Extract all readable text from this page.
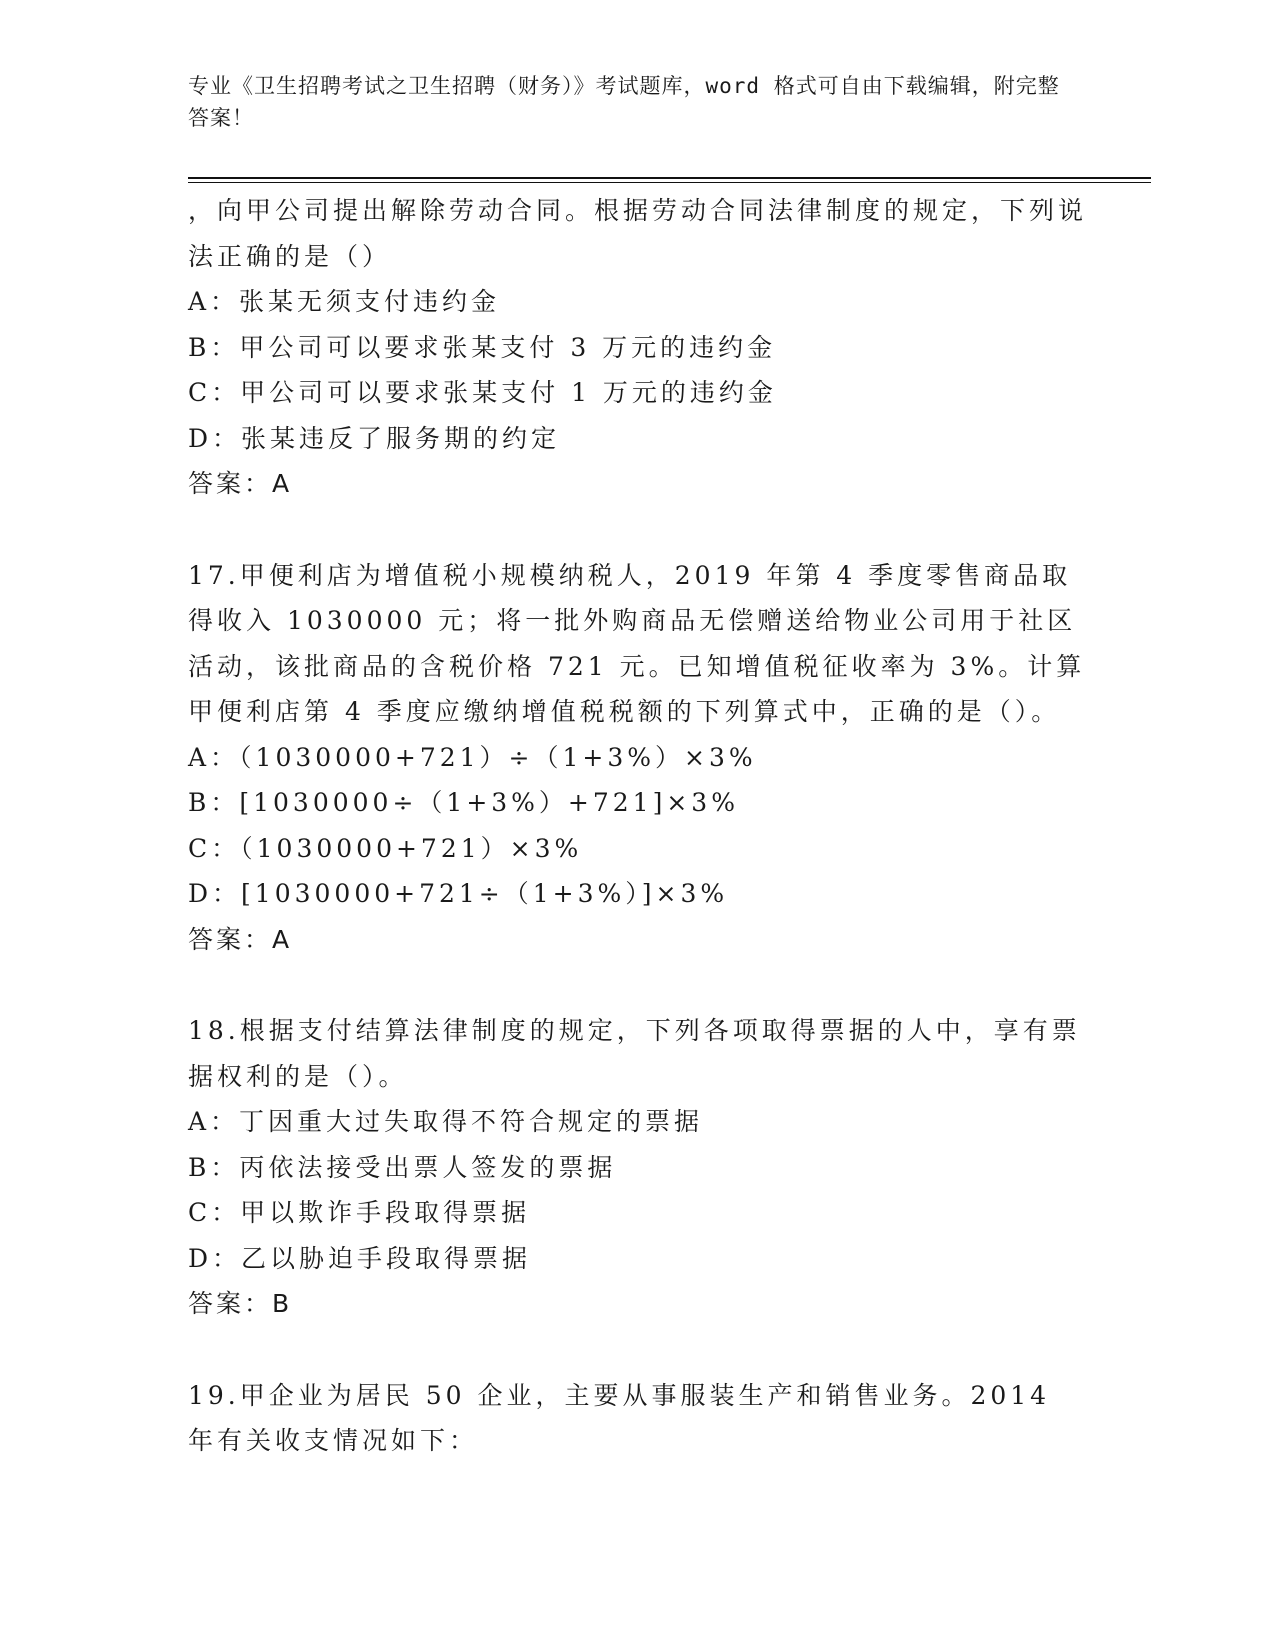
专业《卫生招聘考试之卫生招聘（财务）》考试题库，word 格式可自由下载编辑，附完整答案！
，向甲公司提出解除劳动合同。根据劳动合同法律制度的规定，下列说法正确的是（）
A：张某无须支付违约金
B：甲公司可以要求张某支付 3 万元的违约金
C：甲公司可以要求张某支付 1 万元的违约金
D：张某违反了服务期的约定
答案：A
17.甲便利店为增值税小规模纳税人，2019 年第 4 季度零售商品取得收入 1030000 元；将一批外购商品无偿赠送给物业公司用于社区活动，该批商品的含税价格 721 元。已知增值税征收率为 3%。计算甲便利店第 4 季度应缴纳增值税税额的下列算式中，正确的是（）。
A：（1030000+721）÷（1+3%）×3%
B：[1030000÷（1+3%）+721]×3%
C：（1030000+721）×3%
D：[1030000+721÷（1+3%）]×3%
答案：A
18.根据支付结算法律制度的规定，下列各项取得票据的人中，享有票据权利的是（）。
A：丁因重大过失取得不符合规定的票据
B：丙依法接受出票人签发的票据
C：甲以欺诈手段取得票据
D：乙以胁迫手段取得票据
答案：B
19.甲企业为居民 50 企业，主要从事服装生产和销售业务。2014 年有关收支情况如下：
